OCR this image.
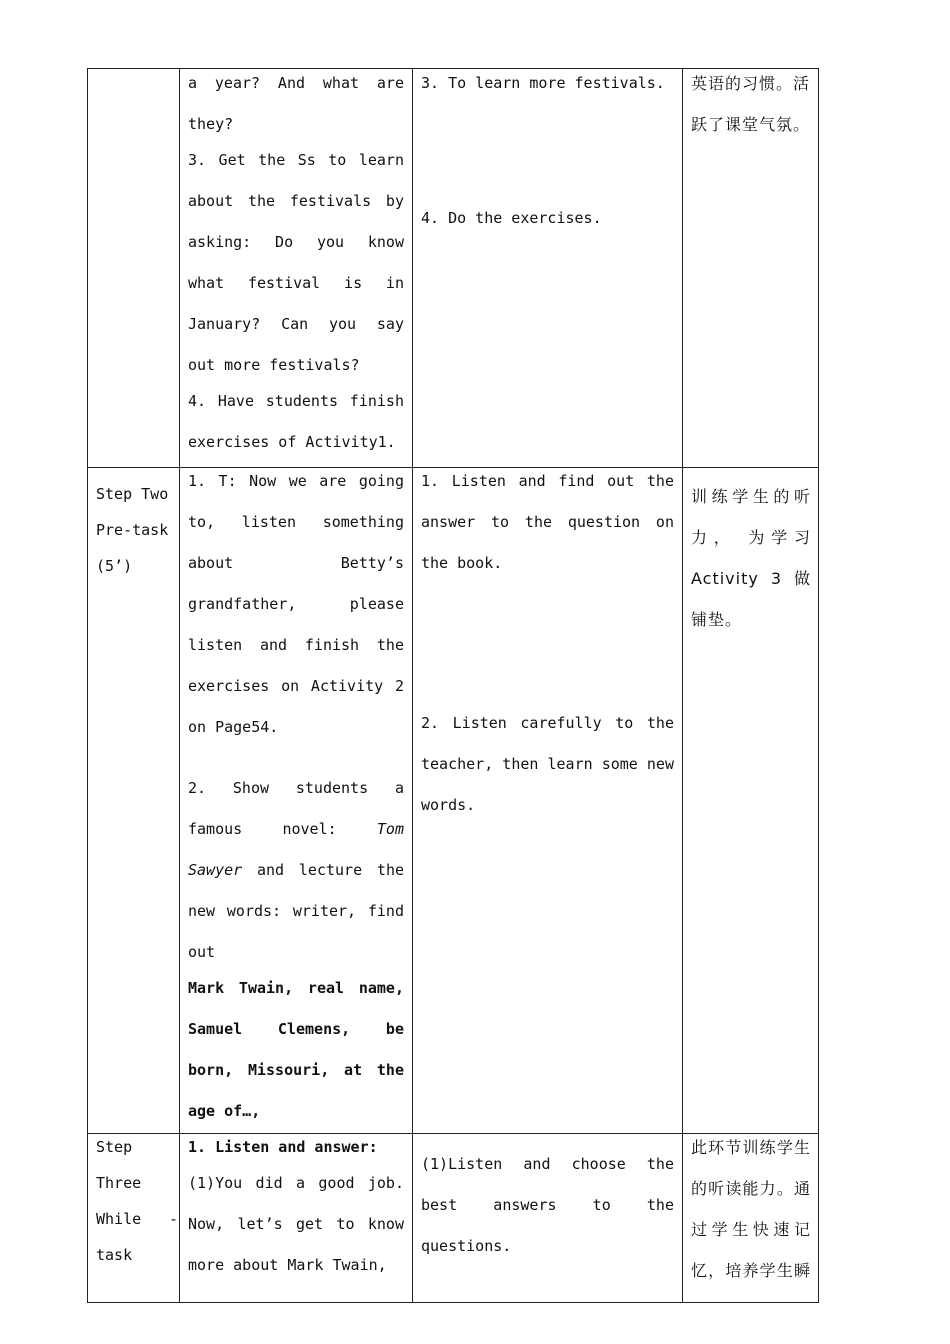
a year? And what are they?
3. Get the Ss to learn about the festivals by asking: Do you know what festival is in January? Can you say out more festivals?
4. Have students finish exercises of Activity1.
3. To learn more festivals.
4. Do the exercises.
英语的习惯。活跃了课堂气氛。
Step Two
Pre-task
(5’)
1. T: Now we are going to, listen something about Betty’s grandfather, please listen and finish the exercises on Activity 2 on Page54.
2. Show students a famous novel:	Tom Sawyer and lecture the new words: writer, find out
Mark Twain, real name, Samuel Clemens, be born, Missouri, at the age of…,
1. Listen and find out the answer to the question on the book.
2. Listen carefully to the teacher, then learn some new words.
训练学生的听力， 为学习 Activity 3 做铺垫。
Step
Three
While -
task
1. Listen and answer:
(1)You did a good job. Now, let’s get to know more about Mark Twain,
(1)Listen and choose the best answers to the questions.
此环节训练学生的听读能力。通过学生快速记忆，培养学生瞬
